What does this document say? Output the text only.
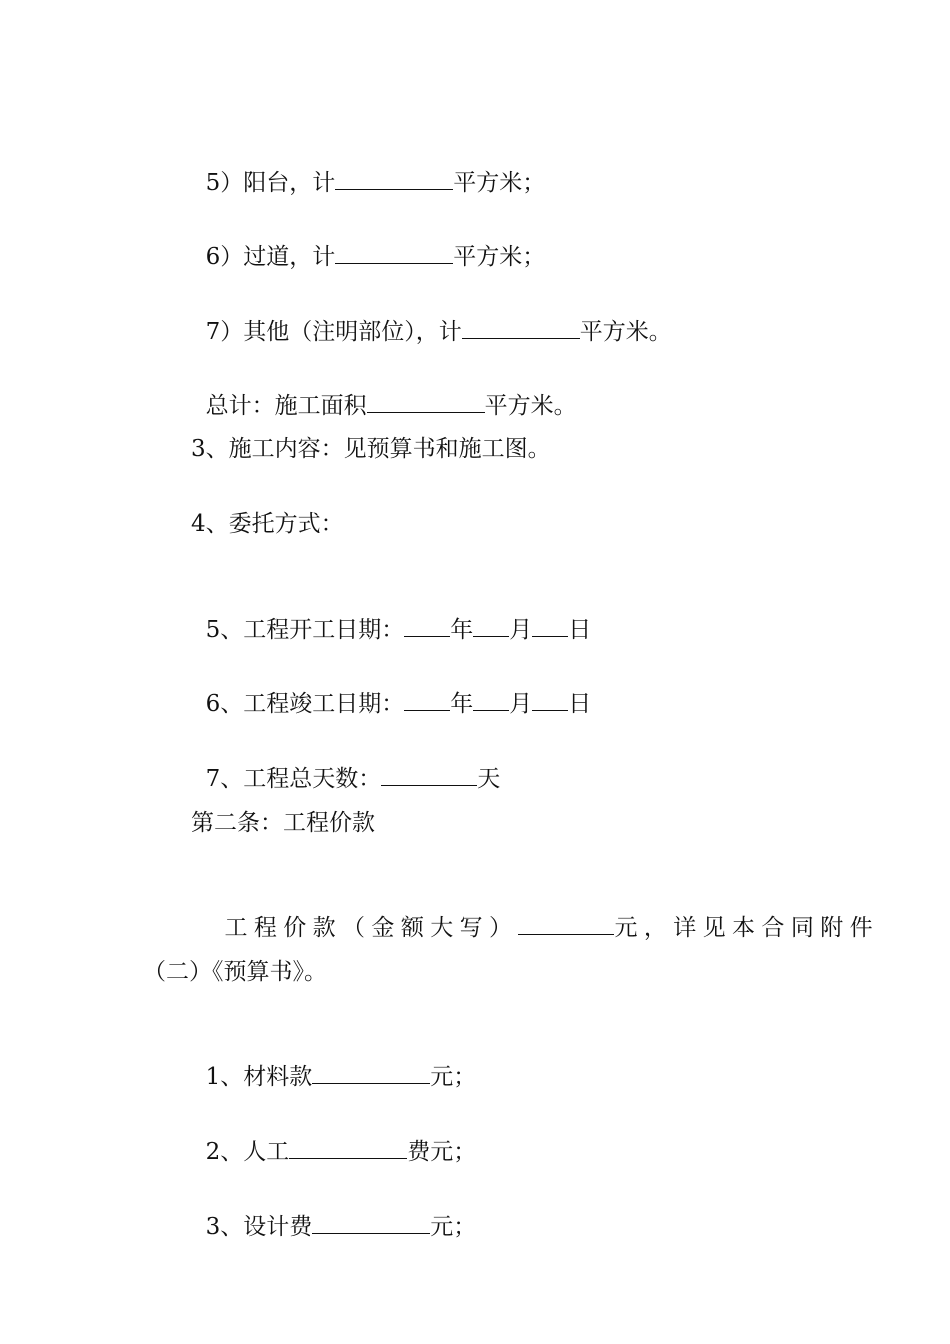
5）阳台，计	平方米；

6）过道，计	平方米；

7）其他（注明部位），计	平方米。

总计：施工面积	平方米。

3、施工内容：见预算书和施工图。
4、委托方式：

5、工程开工日期： 年 月 日

6、工程竣工日期： 年 月 日

7、工程总天数：	天

第二条：工程价款

工程价款（金额大写）	元，详见本合同附件

（二）《预算书》。

1、材料款	元；

2、人工	费元；

3、设计费	元；
